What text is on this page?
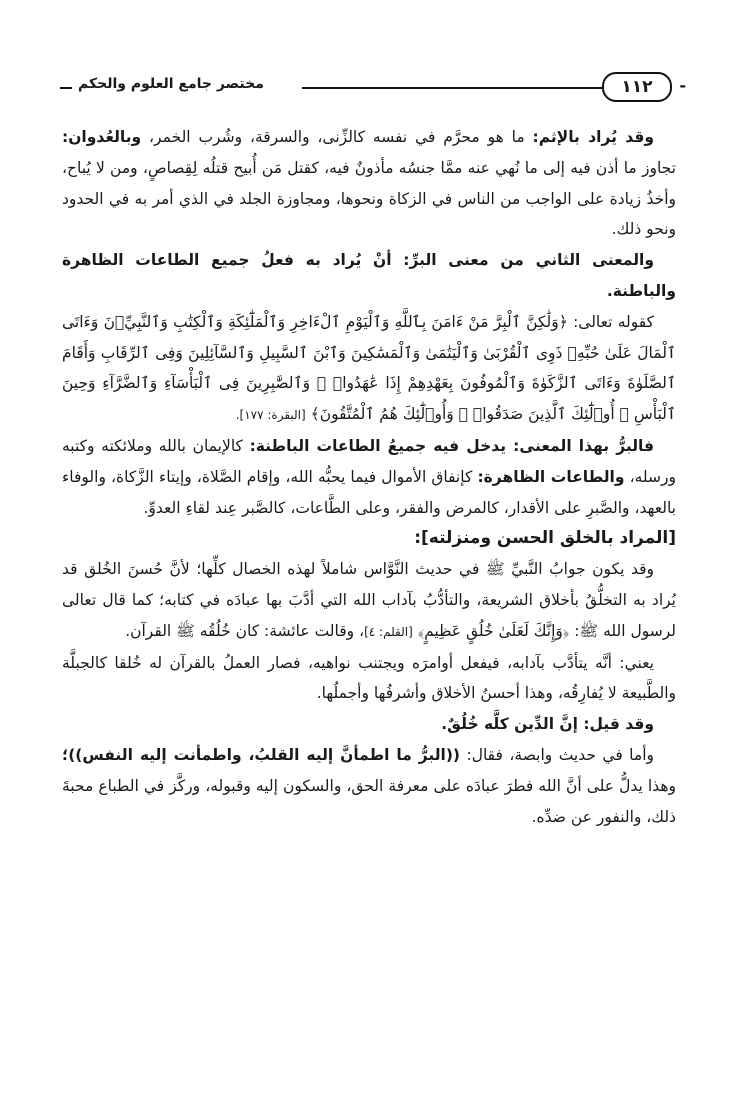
-
١١٢
مختصر جامع العلوم والحكم

وقد يُراد بالإثم: ما هو محرَّم في نفسه كالزِّنى، والسرقة، وشُرب الخمر، وبالعُدوان: تجاوز ما أذن فيه إلى ما نُهي عنه ممَّا جنسُه مأذونٌ فيه، كقتل مَن أُبيح قتلُه لِقِصاصٍ، ومن لا يُباح، وأخذُ زيادة على الواجب من الناس في الزكاة ونحوها، ومجاوزة الجلد في الذي أمر به في الحدود ونحو ذلك.

والمعنى الثاني من معنى البرِّ: أنْ يُراد به فعلُ جميع الطاعات الظاهرة والباطنة.

كقوله تعالى: ﴿وَلَٰكِنَّ ٱلْبِرَّ مَنْ ءَامَنَ بِٱللَّهِ وَٱلْيَوْمِ ٱلْءَاخِرِ وَٱلْمَلَٰٓئِكَةِ وَٱلْكِتَٰبِ وَٱلنَّبِيِّۦنَ وَءَاتَى ٱلْمَالَ عَلَىٰ حُبِّهِۦ ذَوِى ٱلْقُرْبَىٰ وَٱلْيَتَٰمَىٰ وَٱلْمَسَٰكِينَ وَٱبْنَ ٱلسَّبِيلِ وَٱلسَّآئِلِينَ وَفِى ٱلرِّقَابِ وَأَقَامَ ٱلصَّلَوٰةَ وَءَاتَى ٱلزَّكَوٰةَ وَٱلْمُوفُونَ بِعَهْدِهِمْ إِذَا عَٰهَدُوا۟ ۖ وَٱلصَّٰبِرِينَ فِى ٱلْبَأْسَآءِ وَٱلضَّرَّآءِ وَحِينَ ٱلْبَأْسِ ۗ أُو۟لَٰٓئِكَ ٱلَّذِينَ صَدَقُوا۟ ۖ وَأُو۟لَٰٓئِكَ هُمُ ٱلْمُتَّقُونَ﴾ [البقرة: ١٧٧].

فالبرُّ بهذا المعنى: يدخل فيه جميعُ الطاعات الباطنة: كالإيمان بالله وملائكته وكتبه ورسله، والطاعات الظاهرة: كإنفاق الأموال فيما يحبُّه الله، وإقام الصَّلاة، وإيتاء الزَّكاة، والوفاء بالعهد، والصَّبرِ على الأقدار، كالمرض والفقر، وعلى الطَّاعات، كالصَّبر عِند لقاءِ العدوِّ.

[المراد بالخلق الحسن ومنزلته]:

وقد يكون جوابُ النَّبيِّ ﷺ في حديث النَّوَّاس شاملاً لهذه الخصال كلِّها؛ لأنَّ حُسنَ الخُلق قد يُراد به التخلُّقُ بأخلاق الشريعة، والتأدُّبُ بآداب الله التي أدَّبَ بها عبادَه في كتابه؛ كما قال تعالى لرسول الله ﷺ: ﴿وَإِنَّكَ لَعَلَىٰ خُلُقٍ عَظِيمٍ﴾ [القلم: ٤]، وقالت عائشة: كان خُلُقُه ﷺ القرآن.

يعني: أنَّه يتأدَّب بآدابه، فيفعل أوامرَه ويجتنب نواهيه، فصار العملُ بالقرآن له خُلقا كالجبلَّة والطَّبيعة لا يُفارِقُه، وهذا أحسنُ الأخلاق وأشرفُها وأجملُها.

وقد قيل: إنَّ الدِّين كلَّه خُلُقٌ.

وأما في حديث وابصة، فقال: ((البرُّ ما اطمأنَّ إليه القلبُ، واطمأنت إليه النفس))؛ وهذا يدلُّ على أنَّ الله فطرَ عبادَه على معرفة الحق، والسكون إليه وقبوله، وركَّز في الطباع محبةَ ذلك، والنفور عن ضدِّه.
